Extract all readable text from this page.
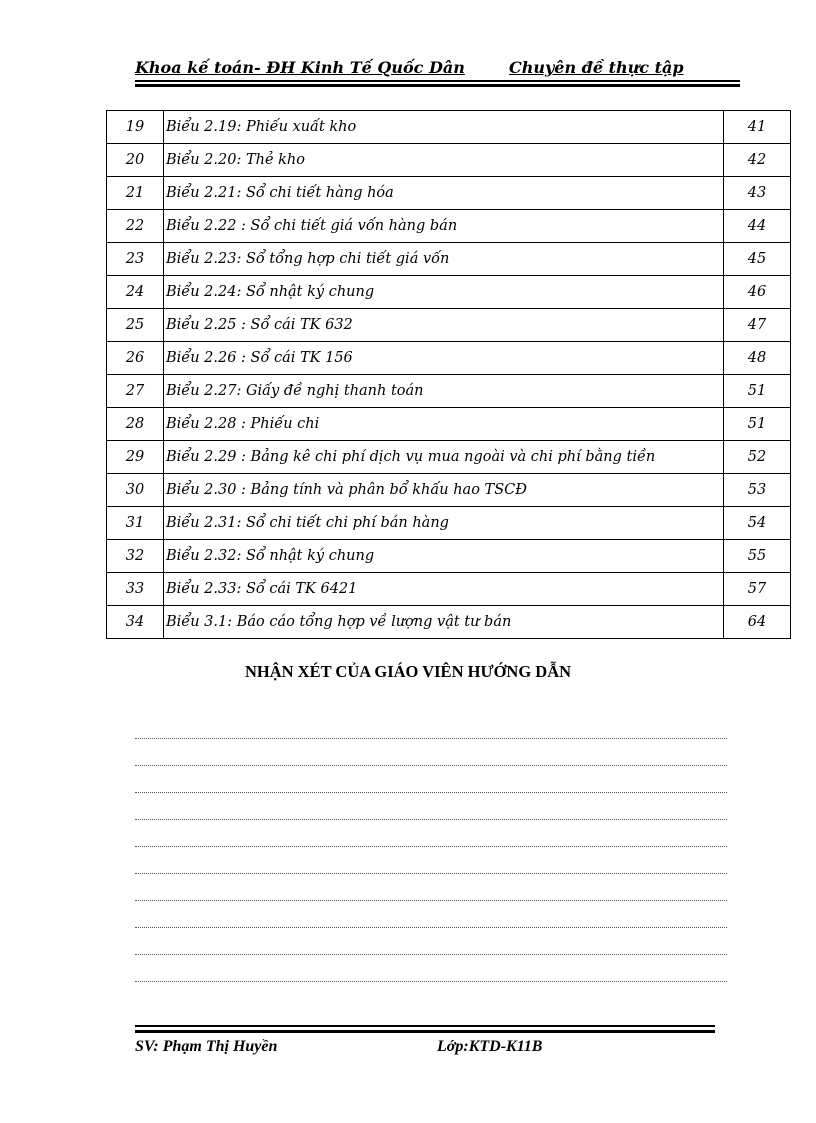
Khoa kế toán- ĐH Kinh Tế Quốc Dân	Chuyên đề thực tập
19	Biểu 2.19: Phiếu xuất kho	41
20	Biểu 2.20: Thẻ kho	42
21	Biểu 2.21: Sổ chi tiết hàng hóa	43
22	Biểu 2.22 : Sổ chi tiết giá vốn hàng bán	44
23	Biểu 2.23: Sổ tổng hợp chi tiết giá vốn	45
24	Biểu 2.24: Sổ nhật ký chung	46
25	Biểu 2.25 : Sổ cái TK 632	47
26	Biểu 2.26 : Sổ cái TK 156	48
27	Biểu 2.27: Giấy đề nghị thanh toán	51
28	Biểu 2.28 : Phiếu chi	51
29	Biểu 2.29 : Bảng kê chi phí dịch vụ mua ngoài và chi phí bằng tiền	52
30	Biểu 2.30 : Bảng tính và phân bổ khấu hao TSCĐ	53
31	Biểu 2.31: Sổ chi tiết chi phí bán hàng	54
32	Biểu 2.32: Sổ nhật ký chung	55
33	Biểu 2.33: Sổ cái TK 6421	57
34	Biểu 3.1: Báo cáo tổng hợp về lượng vật tư bán	64
NHẬN XÉT CỦA GIÁO VIÊN HƯỚNG DẪN
SV: Phạm Thị Huyền	Lớp:KTD-K11B
